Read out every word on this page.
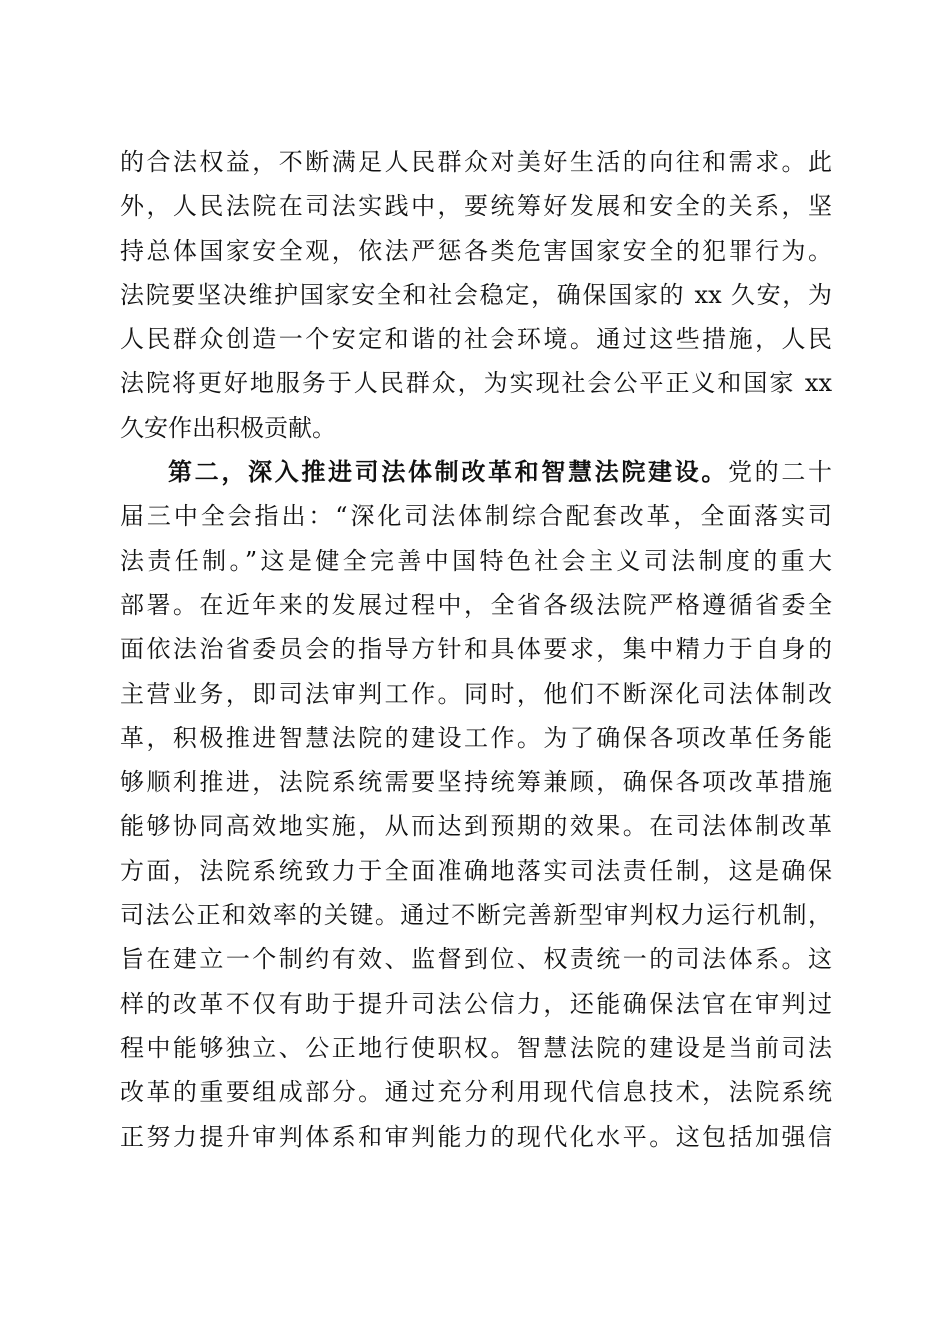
的合法权益，不断满足人民群众对美好生活的向往和需求。此
外，人民法院在司法实践中，要统筹好发展和安全的关系，坚
持总体国家安全观，依法严惩各类危害国家安全的犯罪行为。
法院要坚决维护国家安全和社会稳定，确保国家的 xx 久安，为
人民群众创造一个安定和谐的社会环境。通过这些措施，人民
法院将更好地服务于人民群众，为实现社会公平正义和国家 xx
久安作出积极贡献。
第二，深入推进司法体制改革和智慧法院建设。党的二十
届三中全会指出：“深化司法体制综合配套改革，全面落实司
法责任制。”这是健全完善中国特色社会主义司法制度的重大
部署。在近年来的发展过程中，全省各级法院严格遵循省委全
面依法治省委员会的指导方针和具体要求，集中精力于自身的
主营业务，即司法审判工作。同时，他们不断深化司法体制改
革，积极推进智慧法院的建设工作。为了确保各项改革任务能
够顺利推进，法院系统需要坚持统筹兼顾，确保各项改革措施
能够协同高效地实施，从而达到预期的效果。在司法体制改革
方面，法院系统致力于全面准确地落实司法责任制，这是确保
司法公正和效率的关键。通过不断完善新型审判权力运行机制，
旨在建立一个制约有效、监督到位、权责统一的司法体系。这
样的改革不仅有助于提升司法公信力，还能确保法官在审判过
程中能够独立、公正地行使职权。智慧法院的建设是当前司法
改革的重要组成部分。通过充分利用现代信息技术，法院系统
正努力提升审判体系和审判能力的现代化水平。这包括加强信
